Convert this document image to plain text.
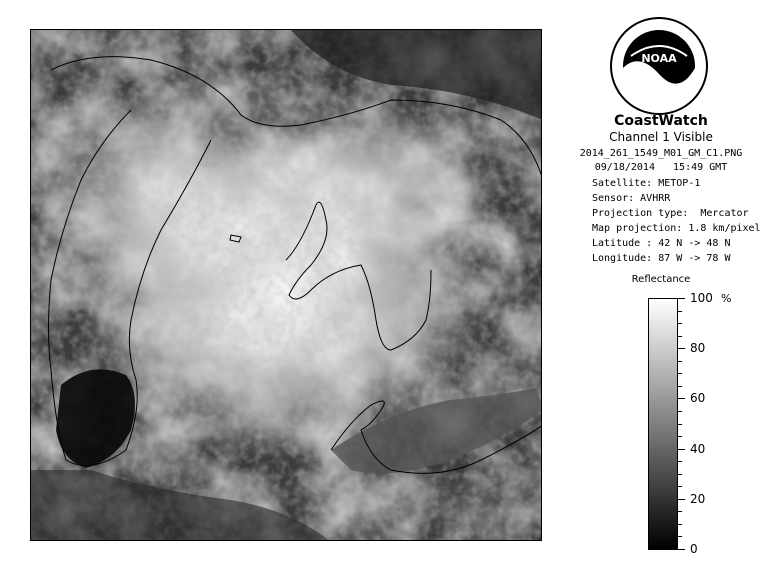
NOAA
CoastWatch
Channel 1 Visible
2014_261_1549_M01_GM_C1.PNG
09/18/2014   15:49 GMT
Satellite: METOP-1
Sensor: AVHRR
Projection type:  Mercator
Map projection: 1.8 km/pixel
Latitude : 42 N -> 48 N
Longitude: 87 W -> 78 W
Reflectance
%
100
80
60
40
20
0
